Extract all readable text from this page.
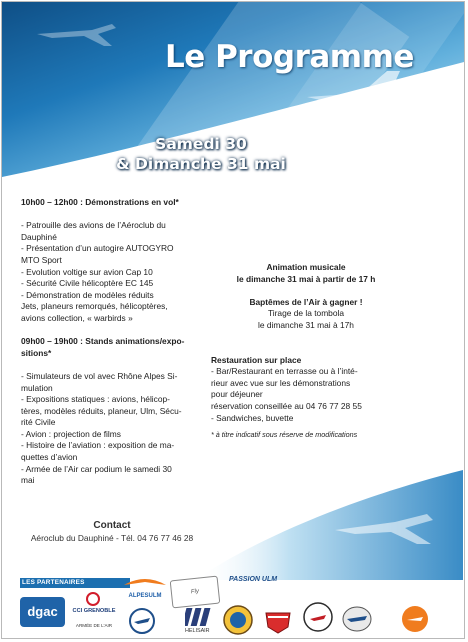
Le Programme
Samedi 30
& Dimanche 31 mai
10h00 – 12h00 : Démonstrations en vol*
- Patrouille des avions de l’Aéroclub du
Dauphiné
- Présentation d’un autogire AUTOGYRO
MTO Sport
- Evolution voltige sur avion Cap 10
- Sécurité Civile hélicoptère EC 145
- Démonstration de modèles réduits
Jets, planeurs remorqués, hélicoptères,
avions collection, « warbirds »
09h00 – 19h00 : Stands animations/expo-
sitions*
- Simulateurs de vol avec Rhône Alpes Si-
mulation
- Expositions statiques : avions, hélicop-
tères, modèles réduits, planeur, Ulm, Sécu-
rité Civile
- Avion : projection de films
- Histoire de l’aviation : exposition de ma-
quettes d’avion
- Armée de l’Air car podium le samedi 30
mai
Animation musicale
le dimanche 31 mai à partir de 17 h
Baptêmes de l’Air à gagner !
Tirage de la tombola
le dimanche 31 mai à 17h
Restauration sur place
- Bar/Restaurant en terrasse ou à l’inté-
rieur avec vue sur les démonstrations
pour déjeuner
réservation conseillée au 04 76 77 28 55
- Sandwiches, buvette
* à titre indicatif sous réserve de modifications
Contact
Aéroclub du Dauphiné - Tél. 04 76 77 46 28
LES PARTENAIRES	PASSION ULM
dgac	CCI GRENOBLE
ARMÉE DE L’AIR
ALPESULM
Fly
HELISAIR
